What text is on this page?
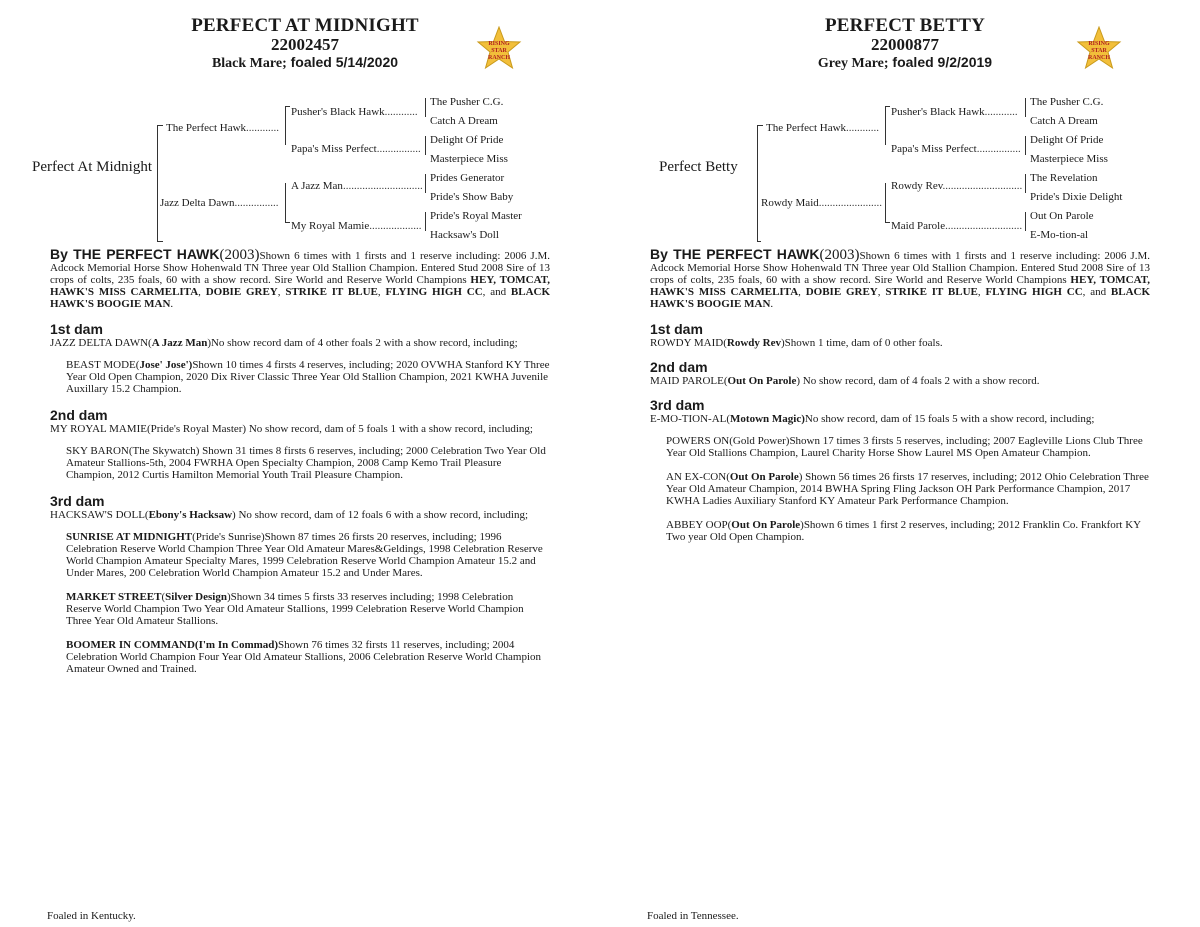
PERFECT AT MIDNIGHT
22002457
Black Mare; foaled 5/14/2020
RISING
STAR
RANCH
Perfect At Midnight
The Perfect Hawk............
Jazz Delta Dawn................
Pusher's Black Hawk............
Papa's Miss Perfect................
A Jazz Man.............................
My Royal Mamie...................
The Pusher C.G.
Catch A Dream
Delight Of Pride
Masterpiece Miss
Prides Generator
Pride's Show Baby
Pride's Royal Master
Hacksaw's Doll

By THE PERFECT HAWK(2003)Shown 6 times with 1 firsts and 1 reserve including: 2006 J.M. Adcock Memorial Horse Show Hohenwald TN Three year Old Stallion Champion. Entered Stud 2008 Sire of 13 crops of colts, 235 foals, 60 with a show record. Sire World and Reserve World Champions HEY, TOMCAT, HAWK'S MISS CARMELITA, DOBIE GREY, STRIKE IT BLUE, FLYING HIGH CC, and BLACK HAWK'S BOOGIE MAN.

1st dam

JAZZ DELTA DAWN(A Jazz Man)No show record dam of 4 other foals 2 with a show record, including;

BEAST MODE(Jose' Jose')Shown 10 times 4 firsts 4 reserves, including; 2020 OVWHA Stanford KY Three Year Old Open Champion, 2020 Dix River Classic Three Year Old Stallion Champion, 2021 KWHA Juvenile Auxillary 15.2 Champion.

2nd dam

MY ROYAL MAMIE(Pride's Royal Master) No show record, dam of 5 foals 1 with a show record, including;

SKY BARON(The Skywatch) Shown 31 times 8 firsts 6 reserves, including; 2000 Celebration Two Year Old Amateur Stallions-5th, 2004 FWRHA Open Specialty Champion, 2008 Camp Kemo Trail Pleasure Champion, 2012 Curtis Hamilton Memorial Youth Trail Pleasure Champion.

3rd dam

HACKSAW'S DOLL(Ebony's Hacksaw) No show record, dam of 12 foals 6 with a show record, including;

SUNRISE AT MIDNIGHT(Pride's Sunrise)Shown 87 times 26 firsts 20 reserves, including; 1996 Celebration Reserve World Champion Three Year Old Amateur Mares&Geldings, 1998 Celebration Reserve World Champion Amateur Specialty Mares, 1999 Celebration Reserve World Champion Amateur 15.2 and Under Mares, 200 Celebration World Champion Amateur 15.2 and Under Mares.

MARKET STREET(Silver Design)Shown 34 times 5 firsts 33 reserves including; 1998 Celebration Reserve World Champion Two Year Old Amateur Stallions, 1999 Celebration Reserve World Champion Three Year Old Amateur Stallions.

BOOMER IN COMMAND(I'm In Commad)Shown 76 times 32 firsts 11 reserves, including; 2004 Celebration World Champion Four Year Old Amateur Stallions, 2006 Celebration Reserve World Champion Amateur Owned and Trained.

Foaled in Kentucky.
PERFECT BETTY
22000877
Grey Mare; foaled 9/2/2019
RISING
STAR
RANCH
Perfect Betty
The Perfect Hawk............
Rowdy Maid.......................
Pusher's Black Hawk............
Papa's Miss Perfect................
Rowdy Rev.............................
Maid Parole............................
The Pusher C.G.
Catch A Dream
Delight Of Pride
Masterpiece Miss
The Revelation
Pride's Dixie Delight
Out On Parole
E-Mo-tion-al

By THE PERFECT HAWK(2003)Shown 6 times with 1 firsts and 1 reserve including: 2006 J.M. Adcock Memorial Horse Show Hohenwald TN Three year Old Stallion Champion. Entered Stud 2008 Sire of 13 crops of colts, 235 foals, 60 with a show record. Sire World and Reserve World Champions HEY, TOMCAT, HAWK'S MISS CARMELITA, DOBIE GREY, STRIKE IT BLUE, FLYING HIGH CC, and BLACK HAWK'S BOOGIE MAN.

1st dam

ROWDY MAID(Rowdy Rev)Shown 1 time, dam of 0 other foals.

2nd dam

MAID PAROLE(Out On Parole) No show record, dam of 4 foals 2 with a show record.

3rd dam

E-MO-TION-AL(Motown Magic)No show record, dam of 15 foals 5 with a show record, including;

POWERS ON(Gold Power)Shown 17 times 3 firsts 5 reserves, including; 2007 Eagleville Lions Club Three Year Old Stallions Champion, Laurel Charity Horse Show Laurel MS Open Amateur Champion.

AN EX-CON(Out On Parole) Shown 56 times 26 firsts 17 reserves, including; 2012 Ohio Celebration Three Year Old Amateur Champion, 2014 BWHA Spring Fling Jackson OH Park Performance Champion, 2017 KWHA Ladies Auxiliary Stanford KY Amateur Park Performance Champion.

ABBEY OOP(Out On Parole)Shown 6 times 1 first 2 reserves, including; 2012 Franklin Co. Frankfort KY Two year Old Open Champion.

Foaled in Tennessee.
